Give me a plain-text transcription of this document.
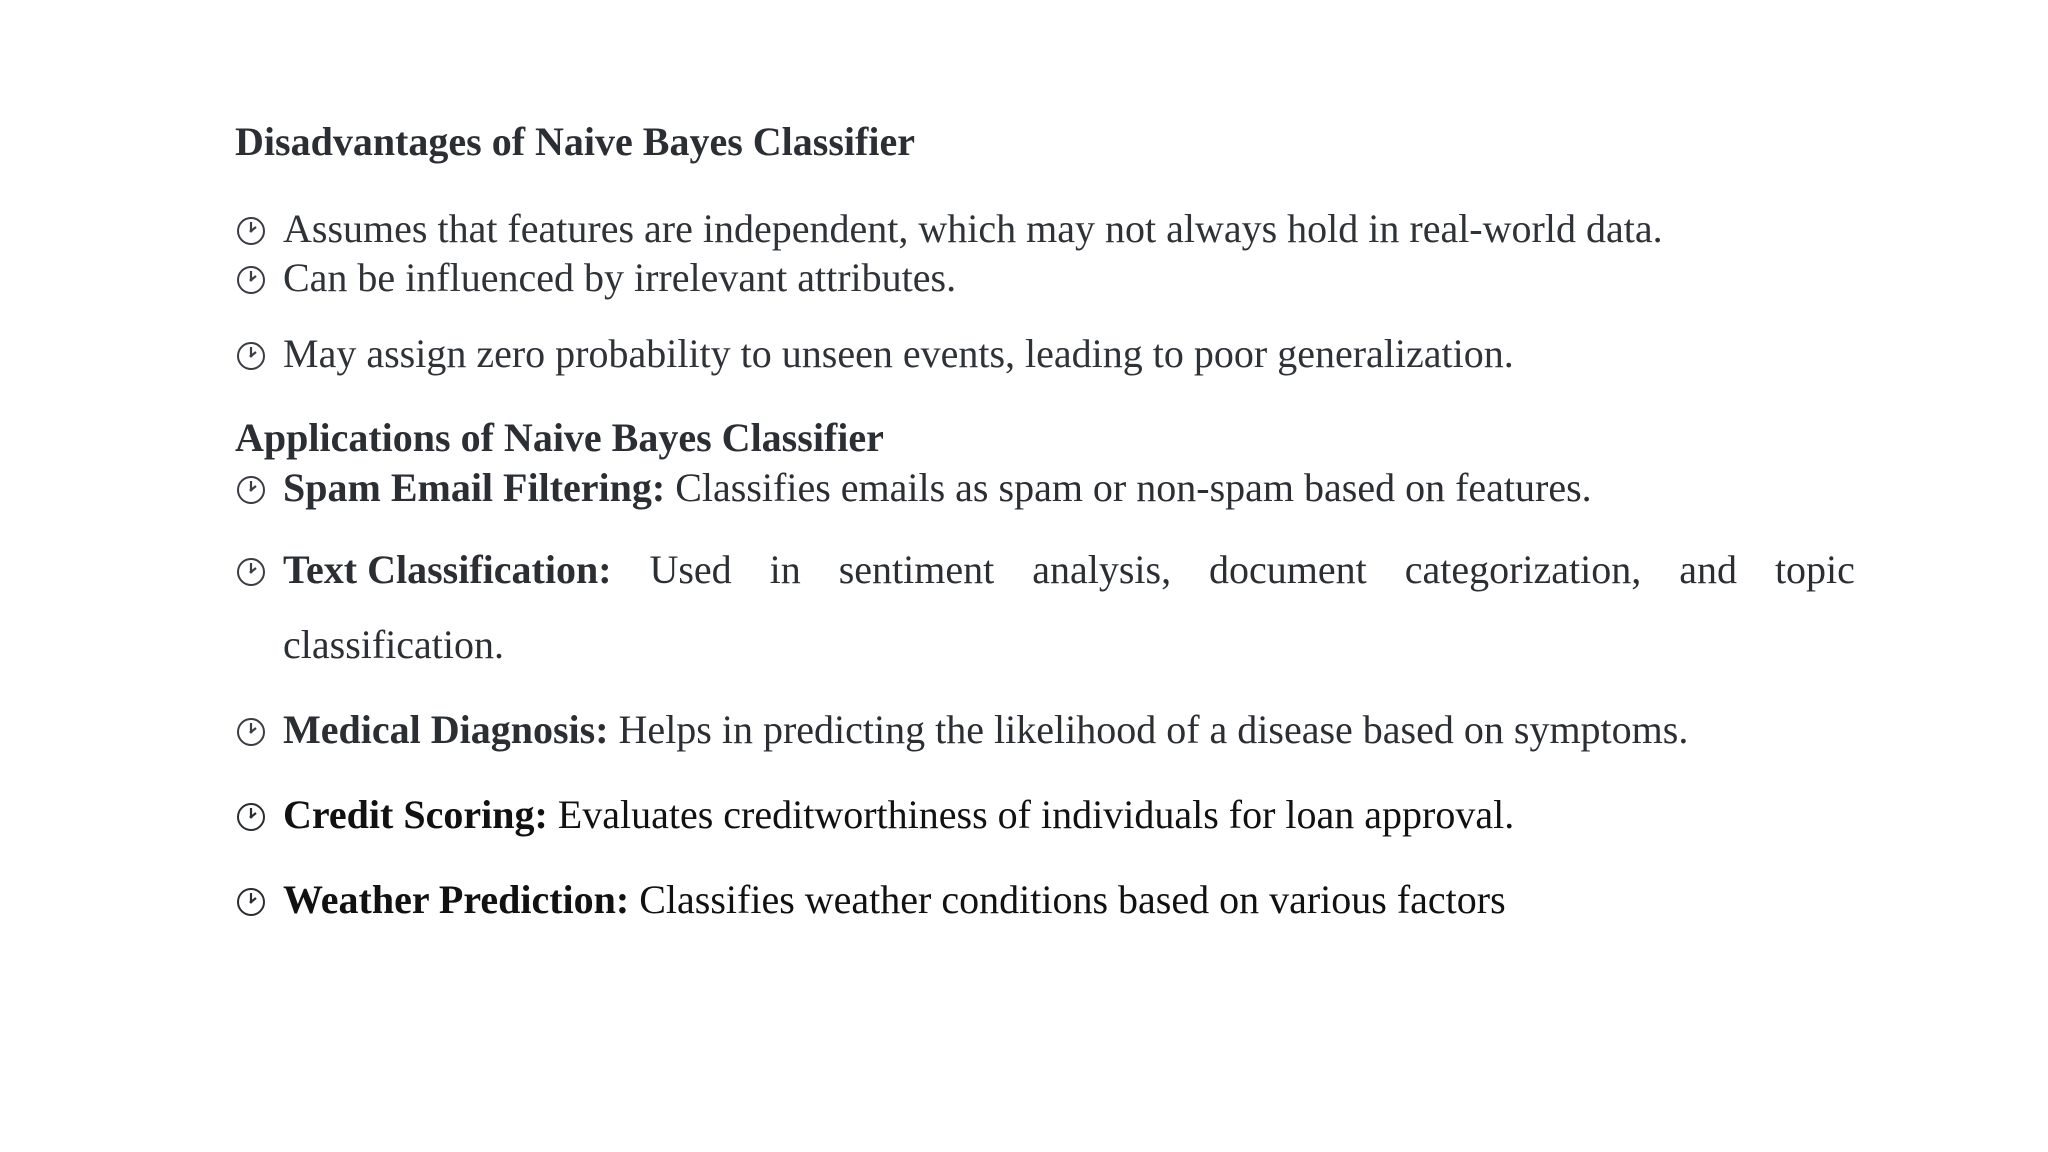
Disadvantages of Naive Bayes Classifier
Assumes that features are independent, which may not always hold in real-world data.
Can be influenced by irrelevant attributes.
May assign zero probability to unseen events, leading to poor generalization.
Applications of Naive Bayes Classifier
Spam Email Filtering: Classifies emails as spam or non-spam based on features.
Text Classification: Used in sentiment analysis, document categorization, and topic
classification.
Medical Diagnosis: Helps in predicting the likelihood of a disease based on symptoms.
Credit Scoring: Evaluates creditworthiness of individuals for loan approval.
Weather Prediction: Classifies weather conditions based on various factors
